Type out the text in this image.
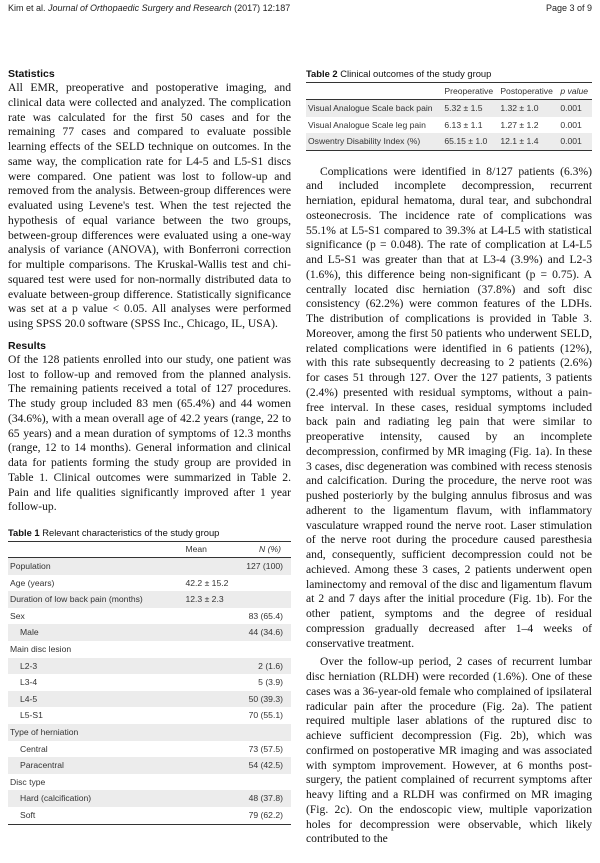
Kim et al. Journal of Orthopaedic Surgery and Research (2017) 12:187	Page 3 of 9
Statistics

All EMR, preoperative and postoperative imaging, and clinical data were collected and analyzed. The complication rate was calculated for the first 50 cases and for the remaining 77 cases and compared to evaluate possible learning effects of the SELD technique on outcomes. In the same way, the complication rate for L4-5 and L5-S1 discs were compared. One patient was lost to follow-up and removed from the analysis. Between-group differences were evaluated using Levene's test. When the test rejected the hypothesis of equal variance between the two groups, between-group differences were evaluated using a one-way analysis of variance (ANOVA), with Bonferroni correction for multiple comparisons. The Kruskal-Wallis test and chi-squared test were used for non-normally distributed data to evaluate between-group difference. Statistically significance was set at a p value < 0.05. All analyses were performed using SPSS 20.0 software (SPSS Inc., Chicago, IL, USA).

Results

Of the 128 patients enrolled into our study, one patient was lost to follow-up and removed from the planned analysis. The remaining patients received a total of 127 procedures. The study group included 83 men (65.4%) and 44 women (34.6%), with a mean overall age of 42.2 years (range, 22 to 65 years) and a mean duration of symptoms of 12.3 months (range, 12 to 14 months). General information and clinical data for patients forming the study group are provided in Table 1. Clinical outcomes were summarized in Table 2. Pain and life qualities significantly improved after 1 year follow-up.

Table 1 Relevant characteristics of the study group
	Mean	N (%)
Population		127 (100)
Age (years)	42.2 ± 15.2	
Duration of low back pain (months)	12.3 ± 2.3	
Sex		83 (65.4)
Male		44 (34.6)
Main disc lesion		
L2-3		2 (1.6)
L3-4		5 (3.9)
L4-5		50 (39.3)
L5-S1		70 (55.1)
Type of herniation		
Central		73 (57.5)
Paracentral		54 (42.5)
Disc type		
Hard (calcification)		48 (37.8)
Soft		79 (62.2)
Table 2 Clinical outcomes of the study group
	Preoperative	Postoperative	p value
Visual Analogue Scale back pain	5.32 ± 1.5	1.32 ± 1.0	0.001
Visual Analogue Scale leg pain	6.13 ± 1.1	1.27 ± 1.2	0.001
Oswentry Disability Index (%)	65.15 ± 1.0	12.1 ± 1.4	0.001

Complications were identified in 8/127 patients (6.3%) and included incomplete decompression, recurrent herniation, epidural hematoma, dural tear, and subchondral osteonecrosis. The incidence rate of complications was 55.1% at L5-S1 compared to 39.3% at L4-L5 with statistical significance (p = 0.048). The rate of complication at L4-L5 and L5-S1 was greater than that at L3-4 (3.9%) and L2-3 (1.6%), this difference being non-significant (p = 0.75). A centrally located disc herniation (37.8%) and soft disc consistency (62.2%) were common features of the LDHs. The distribution of complications is provided in Table 3. Moreover, among the first 50 patients who underwent SELD, related complications were identified in 6 patients (12%), with this rate subsequently decreasing to 2 patients (2.6%) for cases 51 through 127. Over the 127 patients, 3 patients (2.4%) presented with residual symptoms, without a pain-free interval. In these cases, residual symptoms included back pain and radiating leg pain that were similar to preoperative intensity, caused by an incomplete decompression, confirmed by MR imaging (Fig. 1a). In these 3 cases, disc degeneration was combined with recess stenosis and calcification. During the procedure, the nerve root was pushed posteriorly by the bulging annulus fibrosus and was adherent to the ligamentum flavum, with inflammatory vasculature wrapped round the nerve root. Laser stimulation of the nerve root during the procedure caused paresthesia and, consequently, sufficient decompression could not be achieved. Among these 3 cases, 2 patients underwent open laminectomy and removal of the disc and ligamentum flavum at 2 and 7 days after the initial procedure (Fig. 1b). For the other patient, symptoms and the degree of residual compression gradually decreased after 1–4 weeks of conservative treatment.

Over the follow-up period, 2 cases of recurrent lumbar disc herniation (RLDH) were recorded (1.6%). One of these cases was a 36-year-old female who complained of ipsilateral radicular pain after the procedure (Fig. 2a). The patient required multiple laser ablations of the ruptured disc to achieve sufficient decompression (Fig. 2b), which was confirmed on postoperative MR imaging and was associated with symptom improvement. However, at 6 months post-surgery, the patient complained of recurrent symptoms after heavy lifting and a RLDH was confirmed on MR imaging (Fig. 2c). On the endoscopic view, multiple vaporization holes for decompression were observable, which likely contributed to the
